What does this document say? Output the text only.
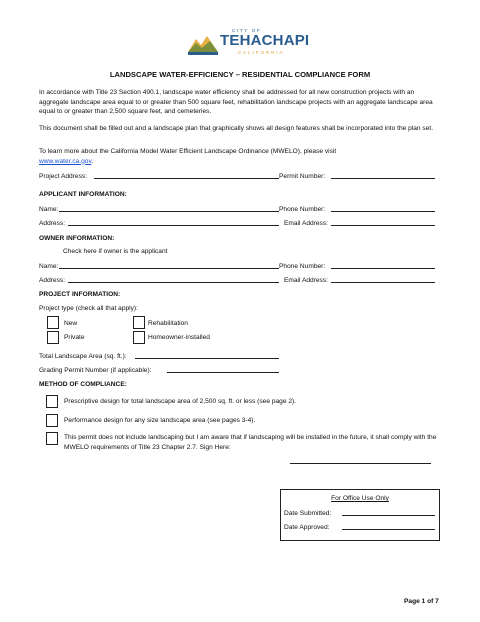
CITY OF
TEHACHAPI
CALIFORNIA
LANDSCAPE WATER-EFFICIENCY – RESIDENTIAL COMPLIANCE FORM
In accordance with Title 23 Section 490.1, landscape water efficiency shall be addressed for all new construction projects with an aggregate landscape area equal to or greater than 500 square feet, rehabilitation landscape projects with an aggregate landscape area equal to or greater than 2,500 square feet, and cemeteries.
This document shall be filled out and a landscape plan that graphically shows all design features shall be incorporated into the plan set.
To learn more about the California Model Water Efficient Landscape Ordinance (MWELO), please visit
www.water.ca.gov.
Project Address:	Permit Number:
APPLICANT INFORMATION:
Name:	Phone Number:
Address:	Email Address:
OWNER INFORMATION:
Check here if owner is the applicant
Name:	Phone Number:
Address:	Email Address:
PROJECT INFORMATION:
Project type (check all that apply):
New	Rehabilitation
Private	Homeowner-installed
Total Landscape Area (sq. ft.):
Grading Permit Number (if applicable):
METHOD OF COMPLIANCE:
Prescriptive design for total landscape area of 2,500 sq. ft. or less (see page 2).
Performance design for any size landscape area (see pages 3-4).
This permit does not include landscaping but I am aware that if landscaping will be installed in the future, it shall comply with the MWELO requirements of Title 23 Chapter 2.7. Sign Here:
For Office Use Only
Date Submitted:
Date Approved:
Page 1 of 7
